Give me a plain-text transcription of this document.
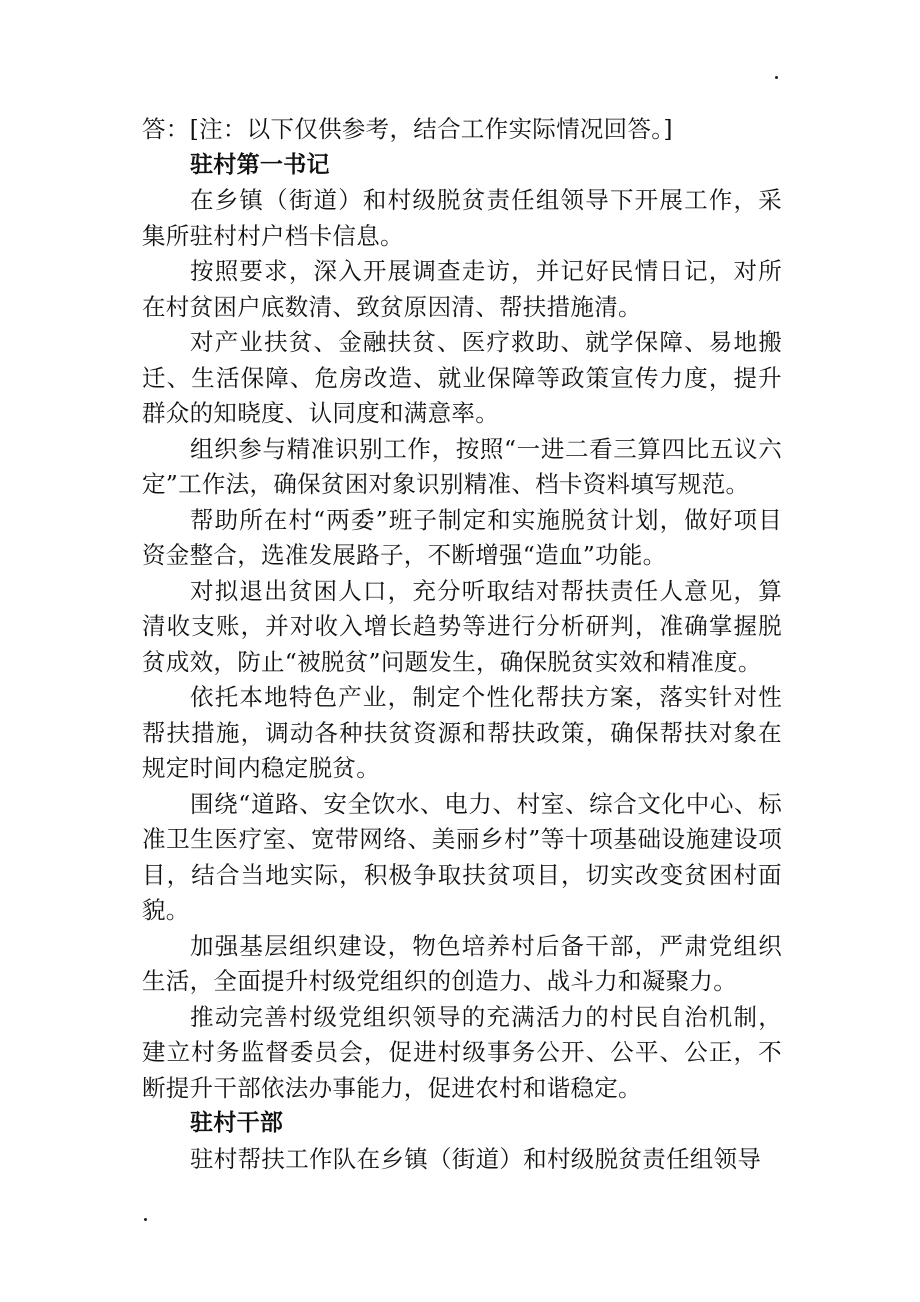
答：[注：以下仅供参考，结合工作实际情况回答。]

驻村第一书记

在乡镇（街道）和村级脱贫责任组领导下开展工作，采集所驻村村户档卡信息。

按照要求，深入开展调查走访，并记好民情日记，对所在村贫困户底数清、致贫原因清、帮扶措施清。

对产业扶贫、金融扶贫、医疗救助、就学保障、易地搬迁、生活保障、危房改造、就业保障等政策宣传力度，提升群众的知晓度、认同度和满意率。

组织参与精准识别工作，按照“一进二看三算四比五议六定”工作法，确保贫困对象识别精准、档卡资料填写规范。

帮助所在村“两委”班子制定和实施脱贫计划，做好项目资金整合，选准发展路子，不断增强“造血”功能。

对拟退出贫困人口，充分听取结对帮扶责任人意见，算清收支账，并对收入增长趋势等进行分析研判，准确掌握脱贫成效，防止“被脱贫”问题发生，确保脱贫实效和精准度。

依托本地特色产业，制定个性化帮扶方案，落实针对性帮扶措施，调动各种扶贫资源和帮扶政策，确保帮扶对象在规定时间内稳定脱贫。

围绕“道路、安全饮水、电力、村室、综合文化中心、标准卫生医疗室、宽带网络、美丽乡村”等十项基础设施建设项目，结合当地实际，积极争取扶贫项目，切实改变贫困村面貌。

加强基层组织建设，物色培养村后备干部，严肃党组织生活，全面提升村级党组织的创造力、战斗力和凝聚力。

推动完善村级党组织领导的充满活力的村民自治机制，建立村务监督委员会，促进村级事务公开、公平、公正，不断提升干部依法办事能力，促进农村和谐稳定。

驻村干部

驻村帮扶工作队在乡镇（街道）和村级脱贫责任组领导
